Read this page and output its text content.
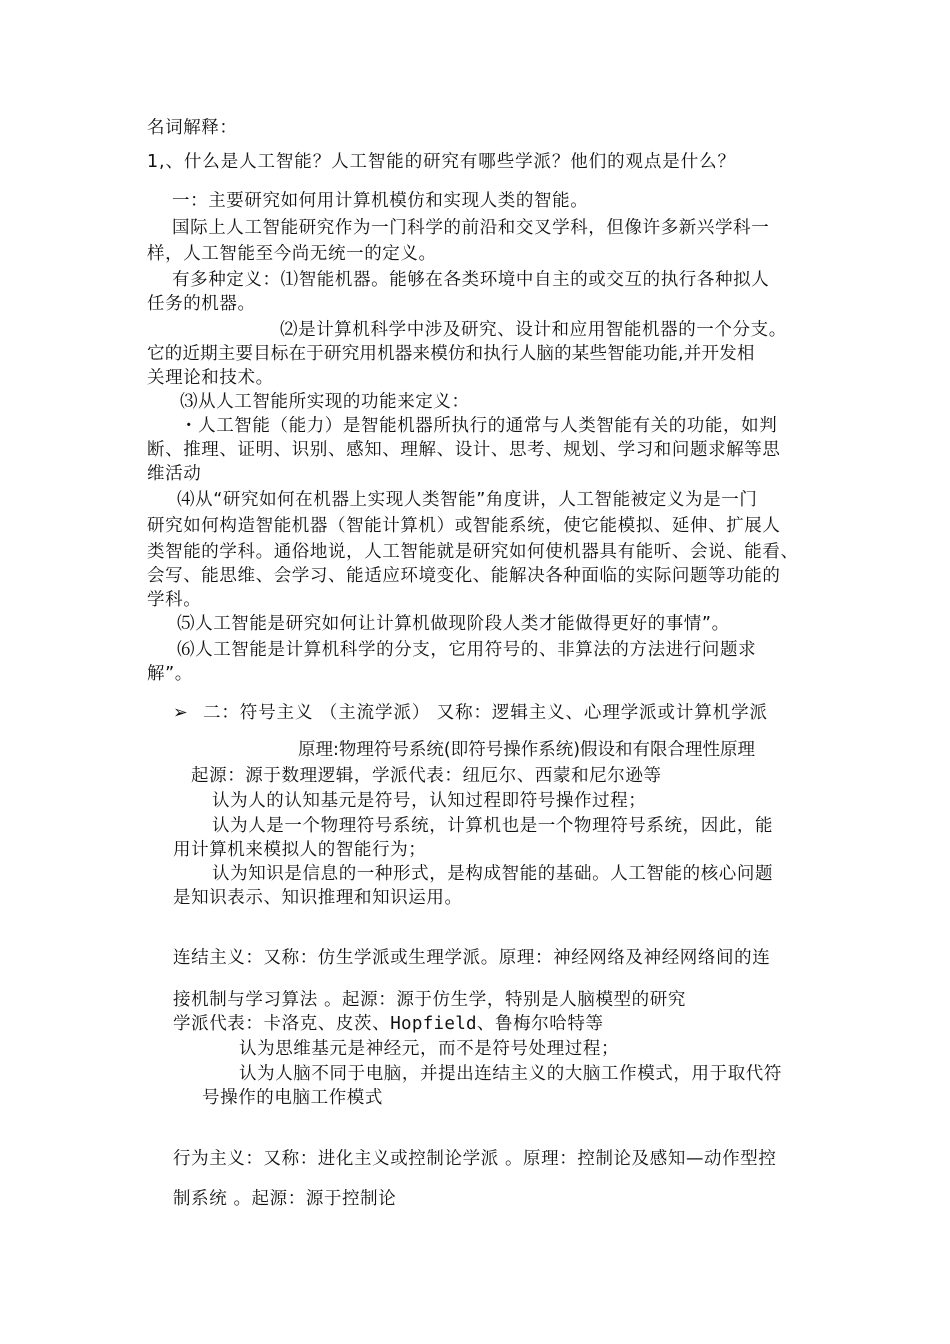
名词解释：

1,、什么是人工智能？人工智能的研究有哪些学派？他们的观点是什么？

一：主要研究如何用计算机模仿和实现人类的智能。

国际上人工智能研究作为一门科学的前沿和交叉学科，但像许多新兴学科一

样，人工智能至今尚无统一的定义。

有多种定义：⑴智能机器。能够在各类环境中自主的或交互的执行各种拟人

任务的机器。

⑵是计算机科学中涉及研究、设计和应用智能机器的一个分支。

它的近期主要目标在于研究用机器来模仿和执行人脑的某些智能功能,并开发相

关理论和技术。

⑶从人工智能所实现的功能来定义：

・人工智能（能力）是智能机器所执行的通常与人类智能有关的功能，如判

断、推理、证明、识别、感知、理解、设计、思考、规划、学习和问题求解等思

维活动

⑷从“研究如何在机器上实现人类智能”角度讲，人工智能被定义为是一门

研究如何构造智能机器（智能计算机）或智能系统，使它能模拟、延伸、扩展人

类智能的学科。通俗地说，人工智能就是研究如何使机器具有能听、会说、能看、

会写、能思维、会学习、能适应环境变化、能解决各种面临的实际问题等功能的

学科。

⑸人工智能是研究如何让计算机做现阶段人类才能做得更好的事情”。

⑹人工智能是计算机科学的分支，它用符号的、非算法的方法进行问题求

解”。

➢ 二：符号主义 （主流学派） 又称：逻辑主义、心理学派或计算机学派

原理:物理符号系统(即符号操作系统)假设和有限合理性原理

起源：源于数理逻辑，学派代表：纽厄尔、西蒙和尼尔逊等

认为人的认知基元是符号，认知过程即符号操作过程；

认为人是一个物理符号系统，计算机也是一个物理符号系统，因此，能

用计算机来模拟人的智能行为；

认为知识是信息的一种形式，是构成智能的基础。人工智能的核心问题

是知识表示、知识推理和知识运用。

连结主义：又称：仿生学派或生理学派。原理：神经网络及神经网络间的连

接机制与学习算法 。起源：源于仿生学，特别是人脑模型的研究

学派代表：卡洛克、皮茨、Hopfield、鲁梅尔哈特等

认为思维基元是神经元，而不是符号处理过程；

认为人脑不同于电脑，并提出连结主义的大脑工作模式，用于取代符

号操作的电脑工作模式

行为主义：又称：进化主义或控制论学派 。原理：控制论及感知—动作型控

制系统 。起源：源于控制论
